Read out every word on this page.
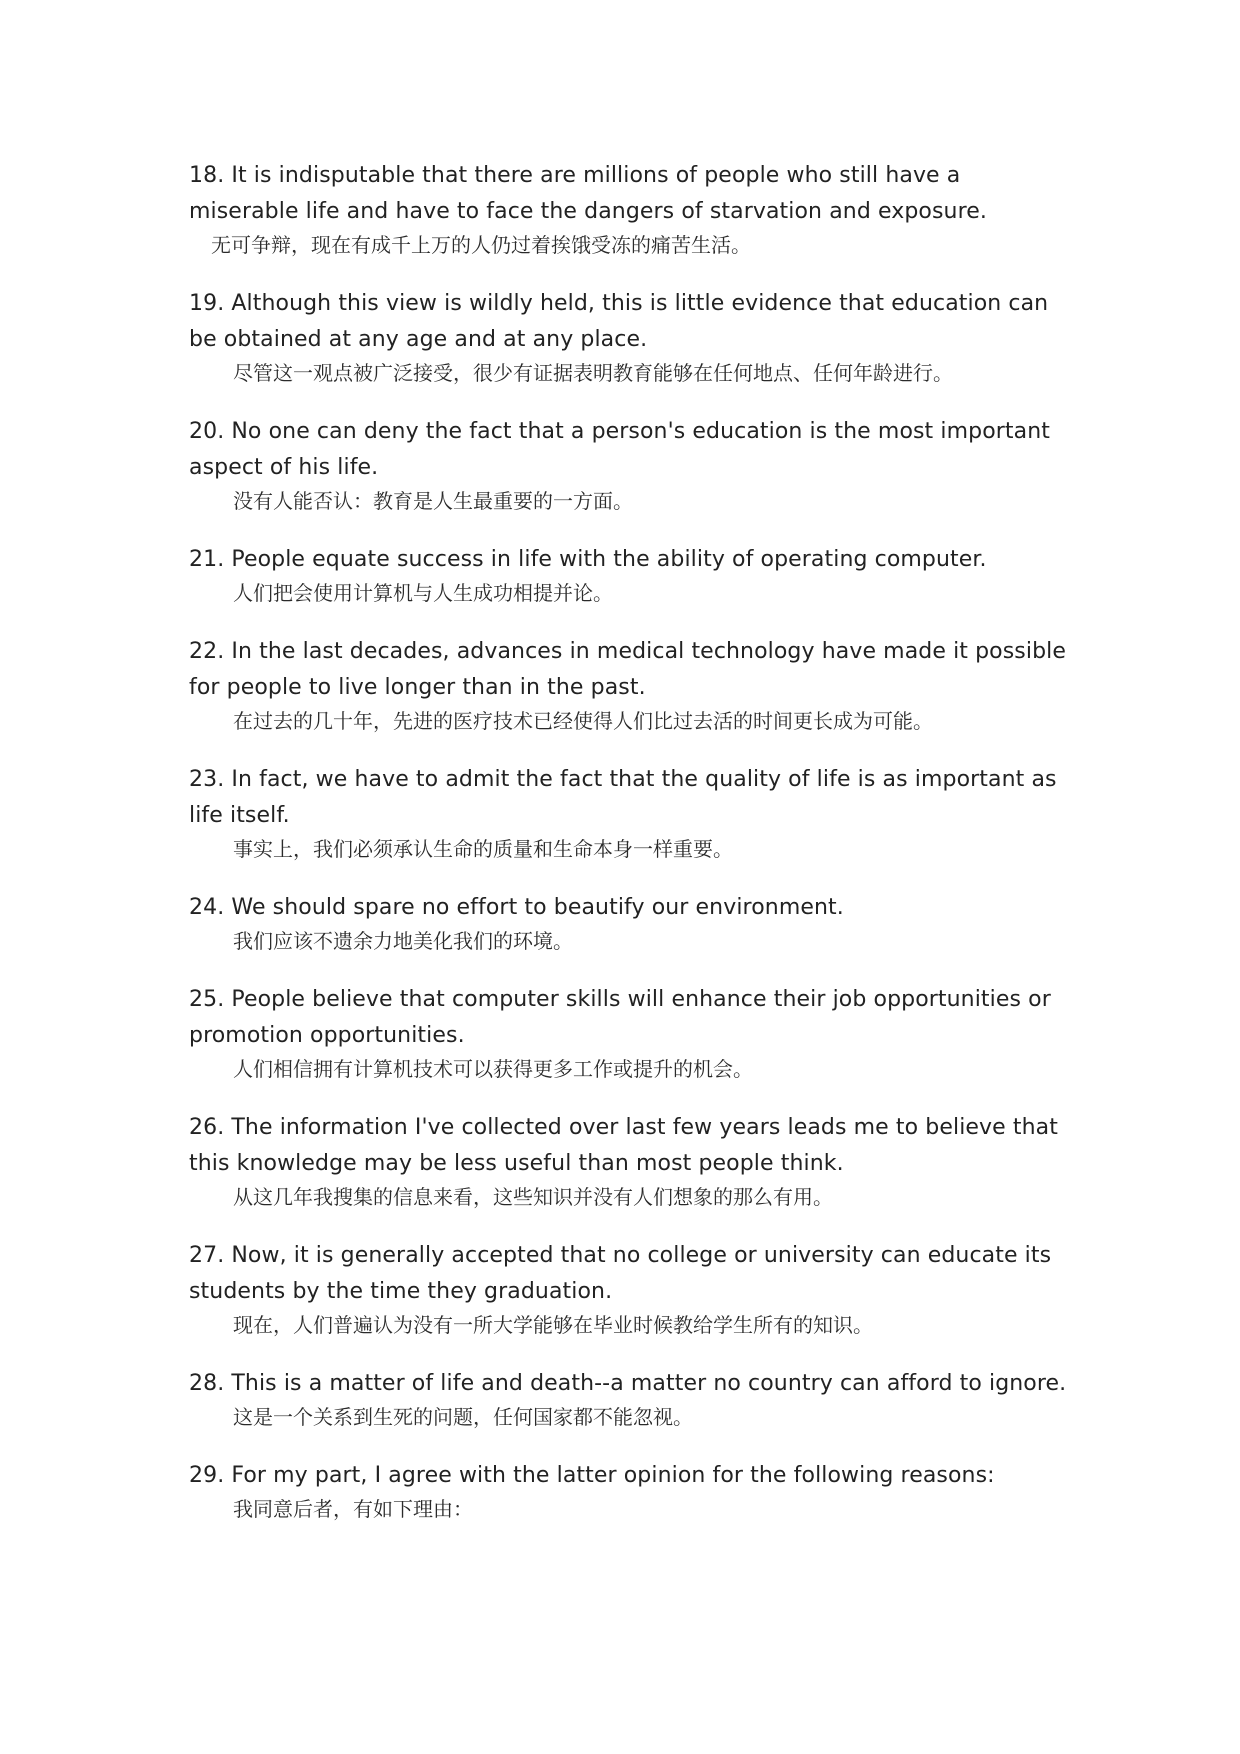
18. It is indisputable that there are millions of people who still have a miserable life and have to face the dangers of starvation and exposure.

无可争辩，现在有成千上万的人仍过着挨饿受冻的痛苦生活。

19. Although this view is wildly held, this is little evidence that education can be obtained at any age and at any place.

尽管这一观点被广泛接受，很少有证据表明教育能够在任何地点、任何年龄进行。

20. No one can deny the fact that a person's education is the most important aspect of his life.

没有人能否认：教育是人生最重要的一方面。

21. People equate success in life with the ability of operating computer.

人们把会使用计算机与人生成功相提并论。

22. In the last decades, advances in medical technology have made it possible for people to live longer than in the past.

在过去的几十年，先进的医疗技术已经使得人们比过去活的时间更长成为可能。

23. In fact, we have to admit the fact that the quality of life is as important as life itself.

事实上，我们必须承认生命的质量和生命本身一样重要。

24. We should spare no effort to beautify our environment.

我们应该不遗余力地美化我们的环境。

25. People believe that computer skills will enhance their job opportunities or promotion opportunities.

人们相信拥有计算机技术可以获得更多工作或提升的机会。

26. The information I've collected over last few years leads me to believe that this knowledge may be less useful than most people think.

从这几年我搜集的信息来看，这些知识并没有人们想象的那么有用。

27. Now, it is generally accepted that no college or university can educate its students by the time they graduation.

现在，人们普遍认为没有一所大学能够在毕业时候教给学生所有的知识。

28. This is a matter of life and death--a matter no country can afford to ignore.

这是一个关系到生死的问题，任何国家都不能忽视。

29. For my part, I agree with the latter opinion for the following reasons:

我同意后者，有如下理由：
